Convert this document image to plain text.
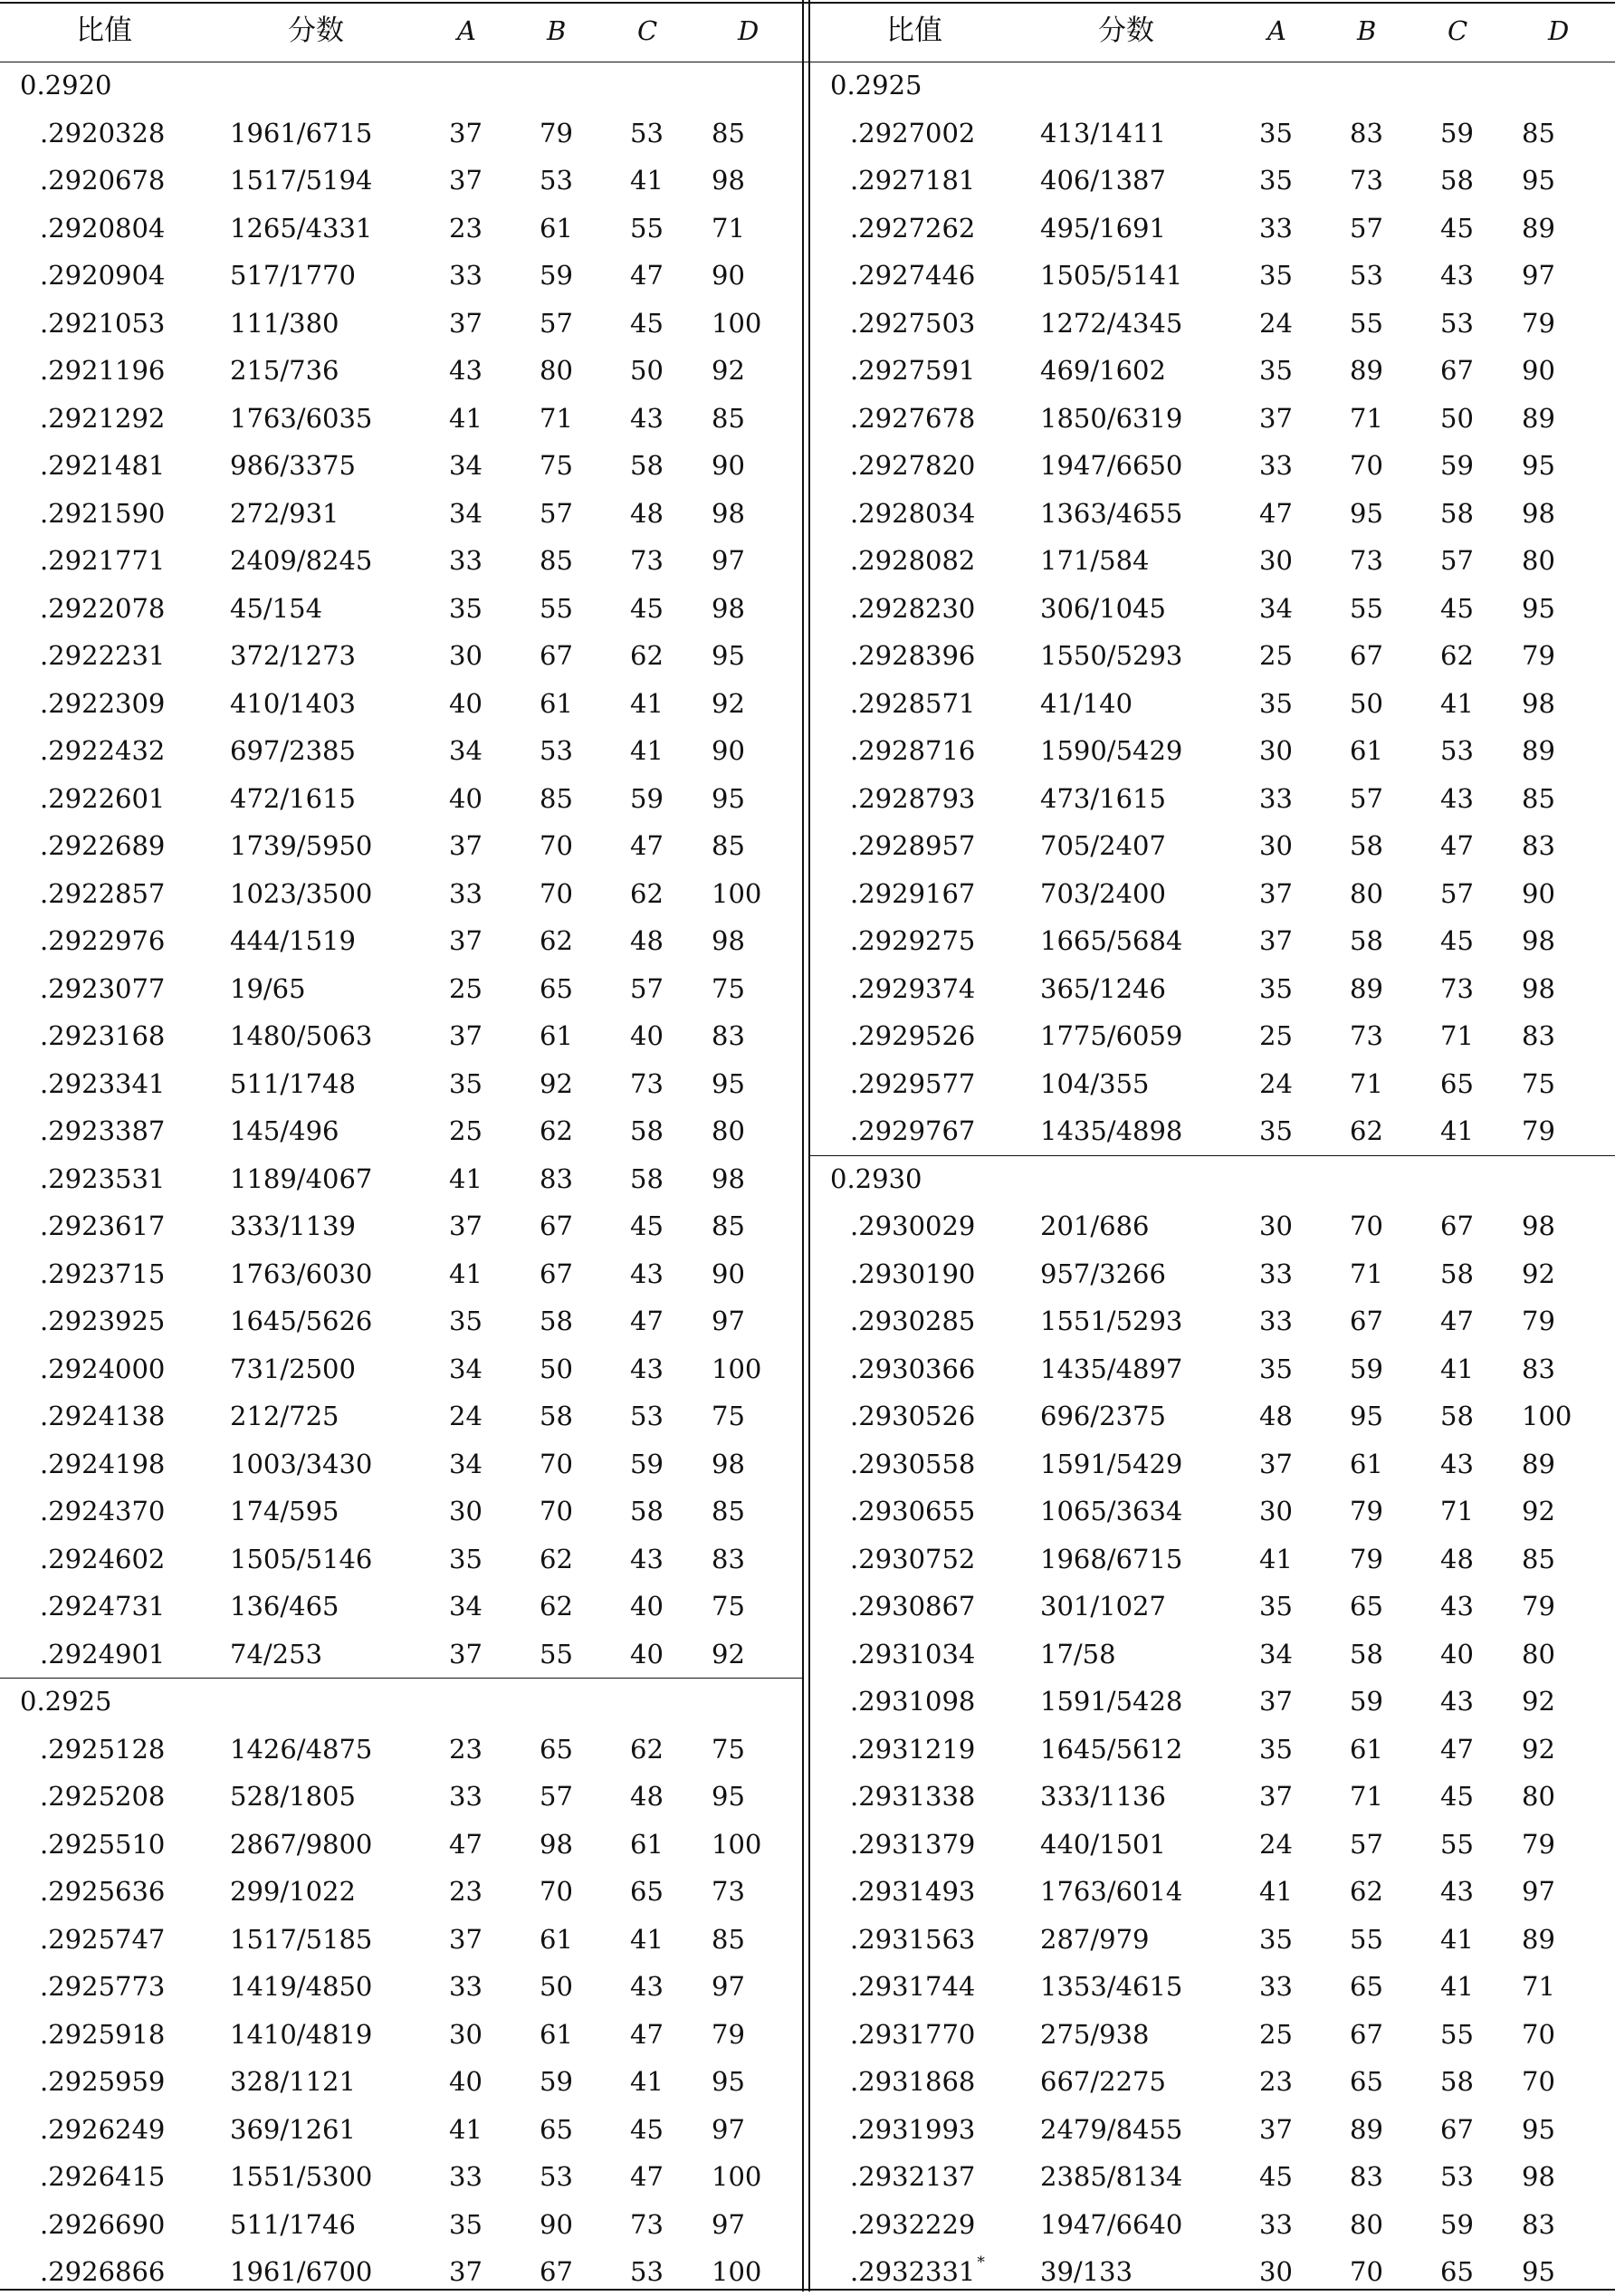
比值	分数	A	B	C	D
0.2920
.2920328 1961/6715	37 79 53 85
.2920678 1517/5194	37 53 41 98
.2920804 1265/4331	23 61 55 71
.2920904 517/1770	33 59 47 90
.2921053 111/380	37 57 45 100
.2921196 215/736	43 80 50 92
.2921292 1763/6035	41 71 43 85
.2921481 986/3375	34 75 58 90
.2921590 272/931	34 57 48 98
.2921771 2409/8245	33 85 73 97
.2922078 45/154	35 55 45 98
.2922231 372/1273	30 67 62 95
.2922309 410/1403	40 61 41 92
.2922432 697/2385	34 53 41 90
.2922601 472/1615	40 85 59 95
.2922689 1739/5950	37 70 47 85
.2922857 1023/3500	33 70 62 100
.2922976 444/1519	37 62 48 98
.2923077 19/65	25 65 57 75
.2923168 1480/5063	37 61 40 83
.2923341 511/1748	35 92 73 95
.2923387 145/496	25 62 58 80
.2923531 1189/4067	41 83 58 98
.2923617 333/1139	37 67 45 85
.2923715 1763/6030	41 67 43 90
.2923925 1645/5626	35 58 47 97
.2924000 731/2500	34 50 43 100
.2924138 212/725	24 58 53 75
.2924198 1003/3430	34 70 59 98
.2924370 174/595	30 70 58 85
.2924602 1505/5146	35 62 43 83
.2924731 136/465	34 62 40 75
.2924901 74/253	37 55 40 92
0.2925
.2925128 1426/4875	23 65 62 75
.2925208 528/1805	33 57 48 95
.2925510 2867/9800	47 98 61 100
.2925636 299/1022	23 70 65 73
.2925747 1517/5185	37 61 41 85
.2925773 1419/4850	33 50 43 97
.2925918 1410/4819	30 61 47 79
.2925959 328/1121	40 59 41 95
.2926249 369/1261	41 65 45 97
.2926415 1551/5300	33 53 47 100
.2926690 511/1746	35 90 73 97
.2926866 1961/6700	37 67 53 100
比值	分数	A	B	C	D
0.2925
.2927002 413/1411	35 83 59 85
.2927181 406/1387	35 73 58 95
.2927262 495/1691	33 57 45 89
.2927446 1505/5141	35 53 43 97
.2927503 1272/4345	24 55 53 79
.2927591 469/1602	35 89 67 90
.2927678 1850/6319	37 71 50 89
.2927820 1947/6650	33 70 59 95
.2928034 1363/4655	47 95 58 98
.2928082 171/584	30 73 57 80
.2928230 306/1045	34 55 45 95
.2928396 1550/5293	25 67 62 79
.2928571 41/140	35 50 41 98
.2928716 1590/5429	30 61 53 89
.2928793 473/1615	33 57 43 85
.2928957 705/2407	30 58 47 83
.2929167 703/2400	37 80 57 90
.2929275 1665/5684	37 58 45 98
.2929374 365/1246	35 89 73 98
.2929526 1775/6059	25 73 71 83
.2929577 104/355	24 71 65 75
.2929767 1435/4898	35 62 41 79
0.2930
.2930029 201/686	30 70 67 98
.2930190 957/3266	33 71 58 92
.2930285 1551/5293	33 67 47 79
.2930366 1435/4897	35 59 41 83
.2930526 696/2375	48 95 58 100
.2930558 1591/5429	37 61 43 89
.2930655 1065/3634	30 79 71 92
.2930752 1968/6715	41 79 48 85
.2930867 301/1027	35 65 43 79
.2931034 17/58	34 58 40 80
.2931098 1591/5428	37 59 43 92
.2931219 1645/5612	35 61 47 92
.2931338 333/1136	37 71 45 80
.2931379 440/1501	24 57 55 79
.2931493 1763/6014	41 62 43 97
.2931563 287/979	35 55 41 89
.2931744 1353/4615	33 65 41 71
.2931770 275/938	25 67 55 70
.2931868 667/2275	23 65 58 70
.2931993 2479/8455	37 89 67 95
.2932137 2385/8134	45 83 53 98
.2932229 1947/6640	33 80 59 83
.2932331 * 39/133	30 70 65 95
